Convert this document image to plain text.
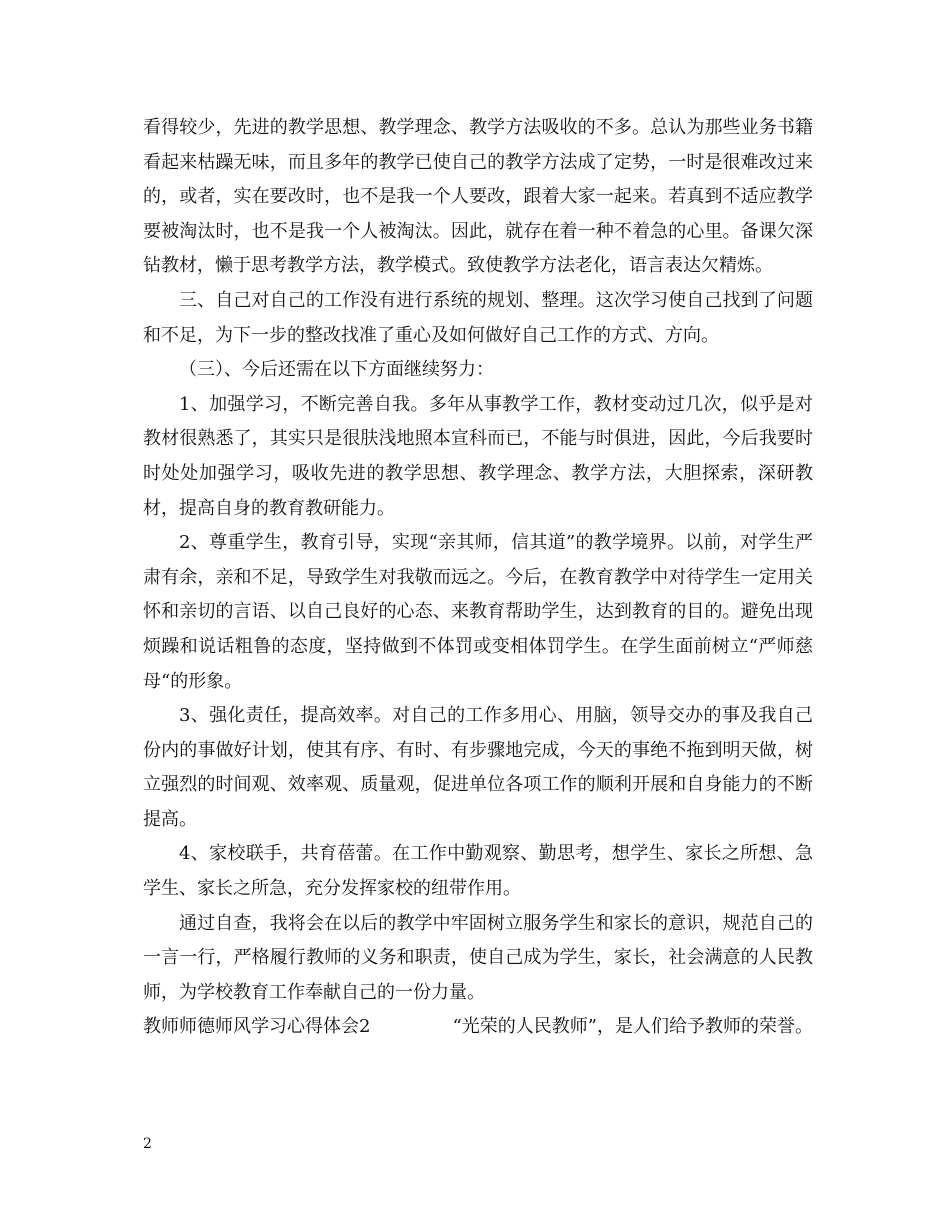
看得较少，先进的教学思想、教学理念、教学方法吸收的不多。总认为那些业务书籍看起来枯躁无味，而且多年的教学已使自己的教学方法成了定势，一时是很难改过来的，或者，实在要改时，也不是我一个人要改，跟着大家一起来。若真到不适应教学要被淘汰时，也不是我一个人被淘汰。因此，就存在着一种不着急的心里。备课欠深钻教材，懒于思考教学方法，教学模式。致使教学方法老化，语言表达欠精炼。

三、自己对自己的工作没有进行系统的规划、整理。这次学习使自己找到了问题和不足，为下一步的整改找准了重心及如何做好自己工作的方式、方向。

（三）、今后还需在以下方面继续努力：

1、加强学习，不断完善自我。多年从事教学工作，教材变动过几次，似乎是对教材很熟悉了，其实只是很肤浅地照本宣科而已，不能与时俱进，因此，今后我要时时处处加强学习，吸收先进的教学思想、教学理念、教学方法，大胆探索，深研教材，提高自身的教育教研能力。

2、尊重学生，教育引导，实现“亲其师，信其道”的教学境界。以前，对学生严肃有余，亲和不足，导致学生对我敬而远之。今后，在教育教学中对待学生一定用关怀和亲切的言语、以自己良好的心态、来教育帮助学生，达到教育的目的。避免出现烦躁和说话粗鲁的态度，坚持做到不体罚或变相体罚学生。在学生面前树立“严师慈母“的形象。

3、强化责任，提高效率。对自己的工作多用心、用脑，领导交办的事及我自己份内的事做好计划，使其有序、有时、有步骤地完成，今天的事绝不拖到明天做，树立强烈的时间观、效率观、质量观，促进单位各项工作的顺利开展和自身能力的不断提高。

4、家校联手，共育蓓蕾。在工作中勤观察、勤思考，想学生、家长之所想、急学生、家长之所急，充分发挥家校的纽带作用。

通过自查，我将会在以后的教学中牢固树立服务学生和家长的意识，规范自己的一言一行，严格履行教师的义务和职责，使自己成为学生，家长，社会满意的人民教师，为学校教育工作奉献自己的一份力量。

教师师德师风学习心得体会2	“光荣的人民教师”，是人们给予教师的荣誉。
2
